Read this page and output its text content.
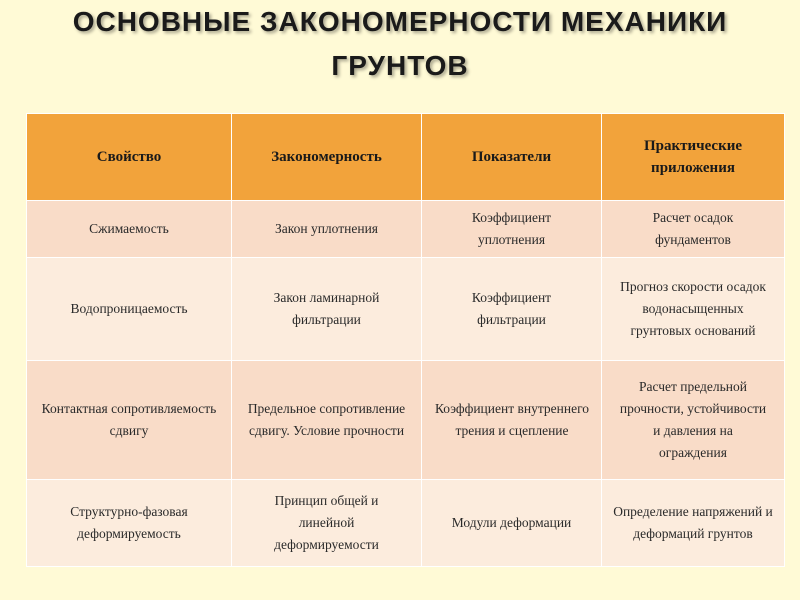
ОСНОВНЫЕ ЗАКОНОМЕРНОСТИ МЕХАНИКИ
ГРУНТОВ
Свойство	Закономерность	Показатели	Практические приложения

Сжимаемость	Закон уплотнения	Коэффициент уплотнения	Расчет осадок фундаментов

Водопроницаемость	Закон ламинарной фильтрации	Коэффициент фильтрации	Прогноз скорости осадок водонасыщенных грунтовых оснований

Контактная сопротивляемость сдвигу	Предельное сопротивление сдвигу. Условие прочности	Коэффициент внутреннего трения и сцепление	Расчет предельной прочности, устойчивости и давления на ограждения

Структурно-фазовая деформируемость	Принцип общей и линейной деформируемости	Модули деформации	Определение напряжений и деформаций грунтов
